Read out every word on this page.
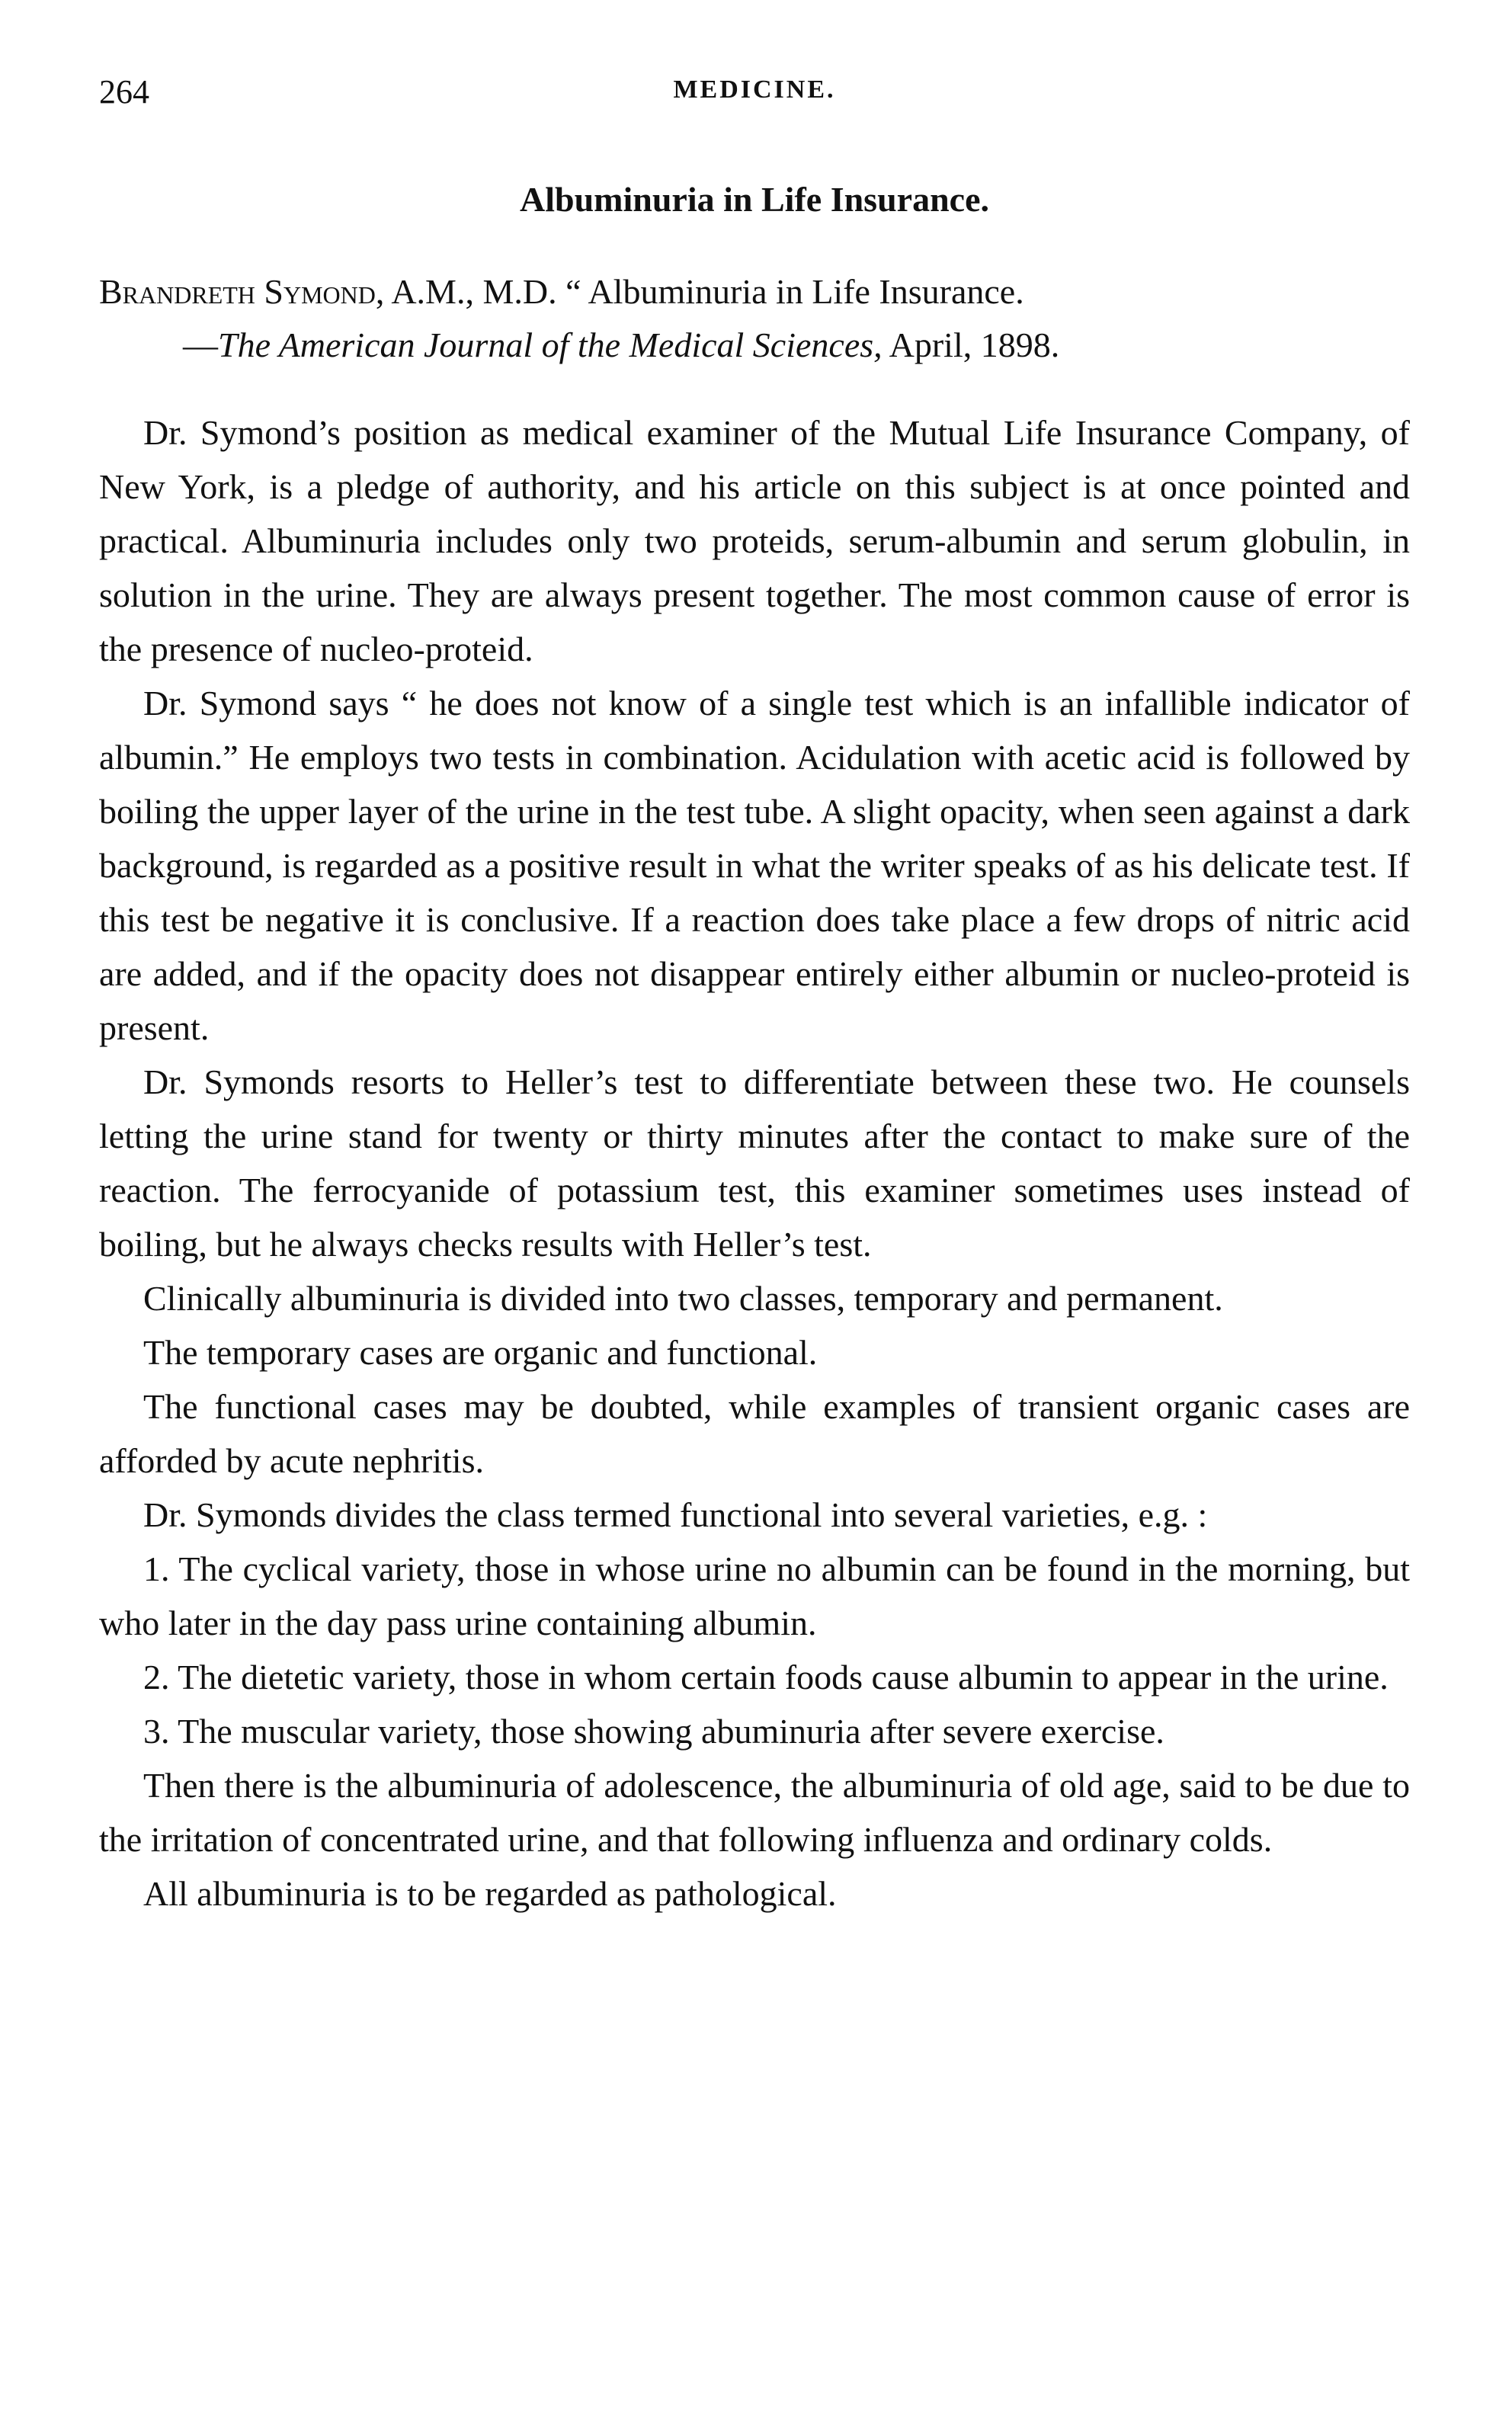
264	MEDICINE.
Albuminuria in Life Insurance.
Brandreth Symond, A.M., M.D. “ Albuminuria in Life Insurance.
—The American Journal of the Medical Sciences, April, 1898.

Dr. Symond’s position as medical examiner of the Mutual Life Insurance Company, of New York, is a pledge of authority, and his article on this subject is at once pointed and practical. Albuminuria includes only two proteids, serum-albumin and serum globulin, in solution in the urine. They are always present together. The most common cause of error is the presence of nucleo-proteid.

Dr. Symond says “ he does not know of a single test which is an infallible indicator of albumin.” He employs two tests in combination. Acidulation with acetic acid is followed by boiling the upper layer of the urine in the test tube. A slight opacity, when seen against a dark background, is regarded as a positive result in what the writer speaks of as his delicate test. If this test be negative it is conclusive. If a reaction does take place a few drops of nitric acid are added, and if the opacity does not disappear entirely either albumin or nucleo-proteid is present.

Dr. Symonds resorts to Heller’s test to differentiate between these two. He counsels letting the urine stand for twenty or thirty minutes after the contact to make sure of the reaction. The ferrocyanide of potassium test, this examiner sometimes uses instead of boiling, but he always checks results with Heller’s test.

Clinically albuminuria is divided into two classes, temporary and permanent.

The temporary cases are organic and functional.

The functional cases may be doubted, while examples of transient organic cases are afforded by acute nephritis.

Dr. Symonds divides the class termed functional into several varieties, e.g. :

1. The cyclical variety, those in whose urine no albumin can be found in the morning, but who later in the day pass urine containing albumin.

2. The dietetic variety, those in whom certain foods cause albumin to appear in the urine.

3. The muscular variety, those showing abuminuria after severe exercise.

Then there is the albuminuria of adolescence, the albuminuria of old age, said to be due to the irritation of concentrated urine, and that following influenza and ordinary colds.

All albuminuria is to be regarded as pathological.
